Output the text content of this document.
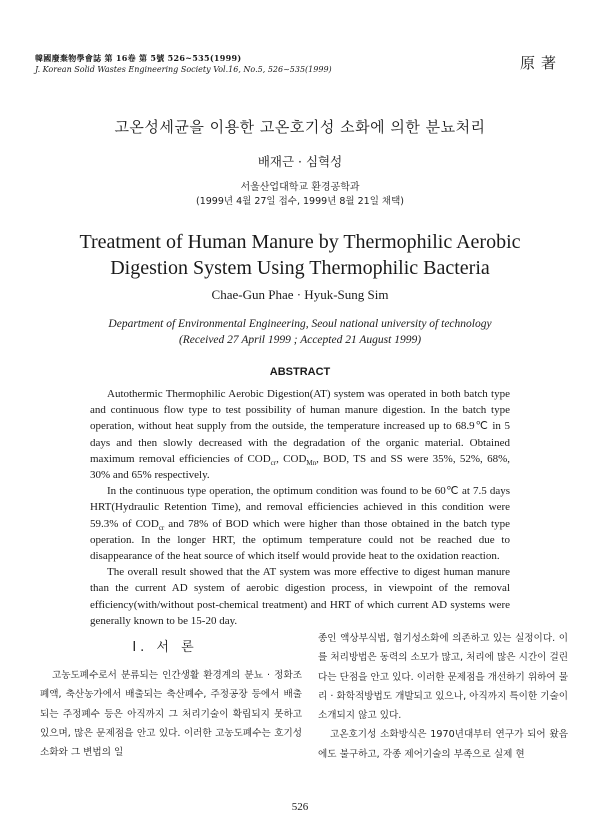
韓國廢棄物學會誌 第 16卷 第 5號 526~535(1999)
J. Korean Solid Wastes Engineering Society Vol.16, No.5, 526~535(1999)	原著
고온성세균을 이용한 고온호기성 소화에 의한 분뇨처리
배재근 · 심혁성
서울산업대학교 환경공학과
(1999년 4월 27일 접수, 1999년 8월 21일 채택)
Treatment of Human Manure by Thermophilic Aerobic
Digestion System Using Thermophilic Bacteria
Chae-Gun Phae · Hyuk-Sung Sim
Department of Environmental Engineering, Seoul national university of technology
(Received 27 April 1999 ; Accepted 21 August 1999)
ABSTRACT

Autothermic Thermophilic Aerobic Digestion(AT) system was operated in both batch type and continuous flow type to test possibility of human manure digestion. In the batch type operation, without heat supply from the outside, the temperature increased up to 68.9℃ in 5 days and then slowly decreased with the degradation of the organic material. Obtained maximum removal efficiencies of $COD_{cr}$, $COD_{Mn}$, BOD, TS and SS were 35%, 52%, 68%, 30% and 65% respectively.

In the continuous type operation, the optimum condition was found to be 60℃ at 7.5 days HRT(Hydraulic Retention Time), and removal efficiencies achieved in this condition were 59.3% of $COD_{cr}$ and 78% of BOD which were higher than those obtained in the batch type operation. In the longer HRT, the optimum temperature could not be reached due to disappearance of the heat source of which itself would provide heat to the oxidation reaction.

The overall result showed that the AT system was more effective to digest human manure than the current AD system of aerobic digestion process, in viewpoint of the removal efficiency(with/without post-chemical treatment) and HRT of which current AD systems were generally known to be 15-20 day.

I. 서 론

고농도폐수로서 분류되는 인간생활 환경계의 분뇨 · 정화조폐액, 축산농가에서 배출되는 축산폐수, 주정공장 등에서 배출되는 주정폐수 등은 아직까지 그 처리기술이 확립되지 못하고 있으며, 많은 문제점을 안고 있다. 이러한 고농도폐수는 호기성소화와 그 변법의 일

종인 액상부식법, 혐기성소화에 의존하고 있는 실정이다. 이를 처리방법은 동력의 소모가 많고, 처리에 많은 시간이 걸린다는 단점을 안고 있다. 이러한 문제점을 개선하기 위하여 물리 · 화학적방법도 개발되고 있으나, 아직까지 특이한 기술이 소개되지 않고 있다.

고온호기성 소화방식은 1970년대부터 연구가 되어 왔음에도 불구하고, 각종 제어기술의 부족으로 실제 현

526
